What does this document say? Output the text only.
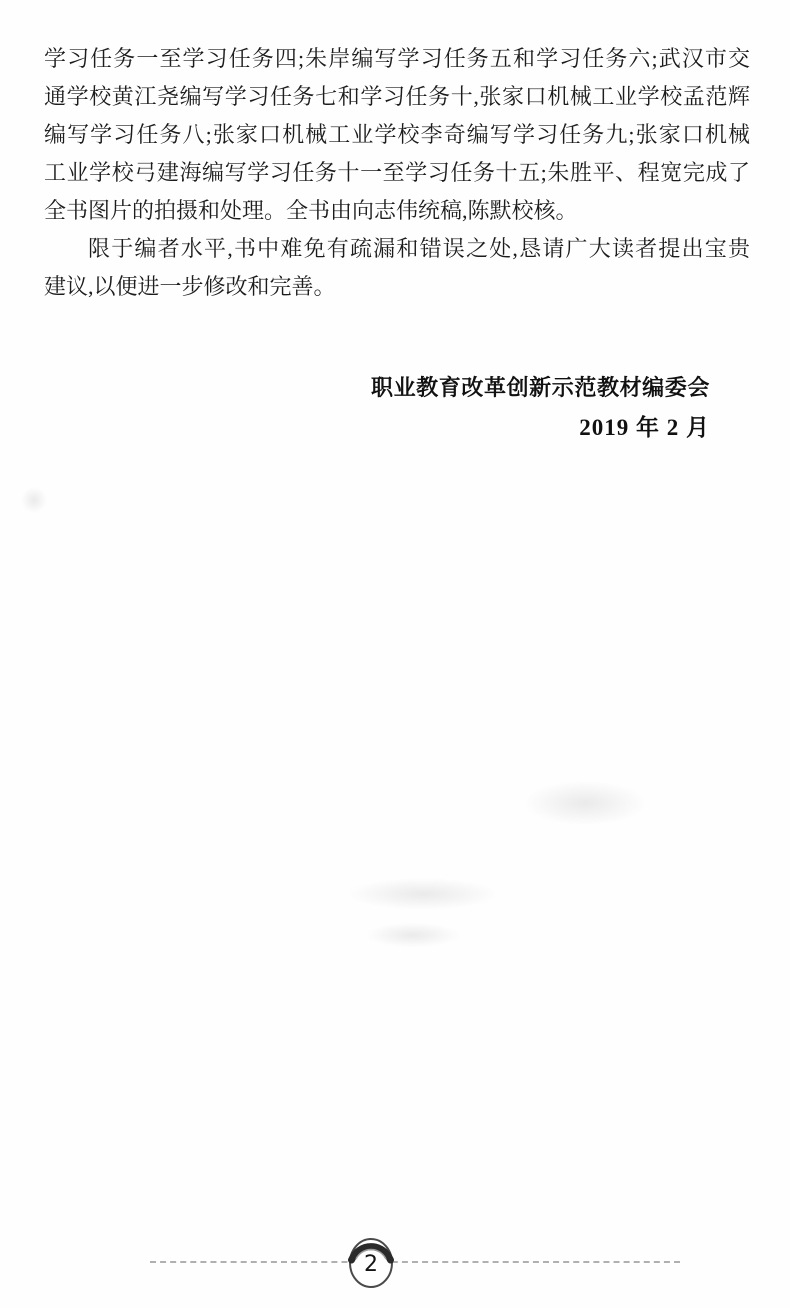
学习任务一至学习任务四;朱岸编写学习任务五和学习任务六;武汉市交
通学校黄江尧编写学习任务七和学习任务十,张家口机械工业学校孟范辉
编写学习任务八;张家口机械工业学校李奇编写学习任务九;张家口机械
工业学校弓建海编写学习任务十一至学习任务十五;朱胜平、程宽完成了
全书图片的拍摄和处理。全书由向志伟统稿,陈默校核。
限于编者水平,书中难免有疏漏和错误之处,恳请广大读者提出宝贵
建议,以便进一步修改和完善。
职业教育改革创新示范教材编委会
2019 年 2 月
2
